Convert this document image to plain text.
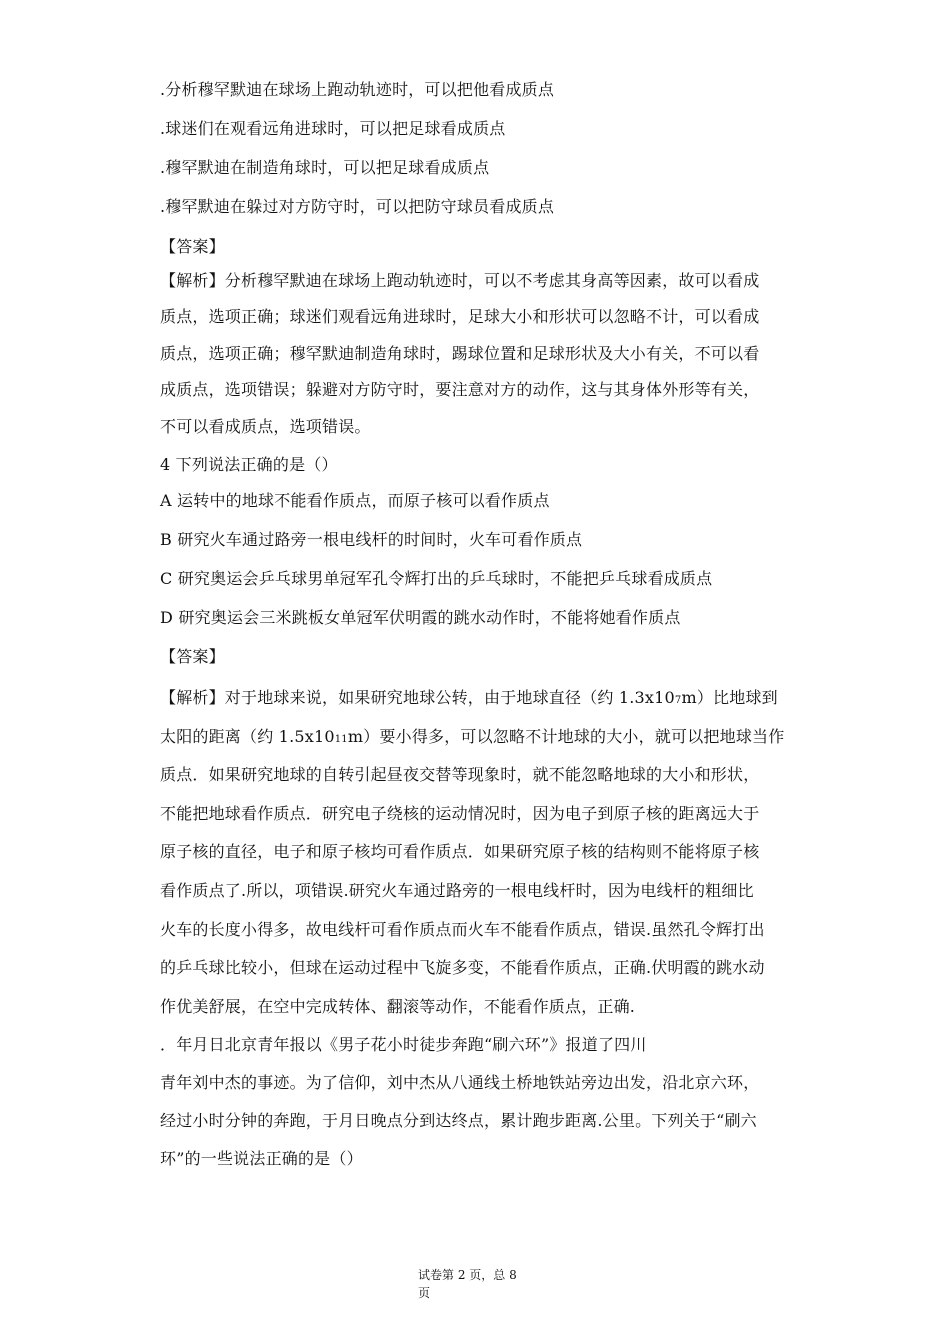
.分析穆罕默迪在球场上跑动轨迹时，可以把他看成质点
.球迷们在观看远角进球时，可以把足球看成质点
.穆罕默迪在制造角球时，可以把足球看成质点
.穆罕默迪在躲过对方防守时，可以把防守球员看成质点
【答案】
【解析】分析穆罕默迪在球场上跑动轨迹时，可以不考虑其身高等因素，故可以看成
质点，选项正确；球迷们观看远角进球时，足球大小和形状可以忽略不计，可以看成
质点，选项正确；穆罕默迪制造角球时，踢球位置和足球形状及大小有关，不可以看
成质点，选项错误；躲避对方防守时，要注意对方的动作，这与其身体外形等有关，
不可以看成质点，选项错误。
4 下列说法正确的是（）
A 运转中的地球不能看作质点，而原子核可以看作质点
B 研究火车通过路旁一根电线杆的时间时，火车可看作质点
C 研究奥运会乒乓球男单冠军孔令辉打出的乒乓球时，不能把乒乓球看成质点
D 研究奥运会三米跳板女单冠军伏明霞的跳水动作时，不能将她看作质点
【答案】
【解析】对于地球来说，如果研究地球公转，由于地球直径（约 1.3x107m）比地球到
太阳的距离（约 1.5x1011m）要小得多，可以忽略不计地球的大小，就可以把地球当作
质点．如果研究地球的自转引起昼夜交替等现象时，就不能忽略地球的大小和形状，
不能把地球看作质点．研究电子绕核的运动情况时，因为电子到原子核的距离远大于
原子核的直径，电子和原子核均可看作质点．如果研究原子核的结构则不能将原子核
看作质点了.所以，项错误.研究火车通过路旁的一根电线杆时，因为电线杆的粗细比
火车的长度小得多，故电线杆可看作质点而火车不能看作质点，错误.虽然孔令辉打出
的乒乓球比较小，但球在运动过程中飞旋多变，不能看作质点，正确.伏明霞的跳水动
作优美舒展，在空中完成转体、翻滚等动作，不能看作质点，正确.
．年月日北京青年报以《男子花小时徒步奔跑“刷六环”》报道了四川
青年刘中杰的事迹。为了信仰，刘中杰从八通线土桥地铁站旁边出发，沿北京六环，
经过小时分钟的奔跑，于月日晚点分到达终点，累计跑步距离.公里。下列关于“刷六
环”的一些说法正确的是（）
试卷第 2 页，总 8
页
